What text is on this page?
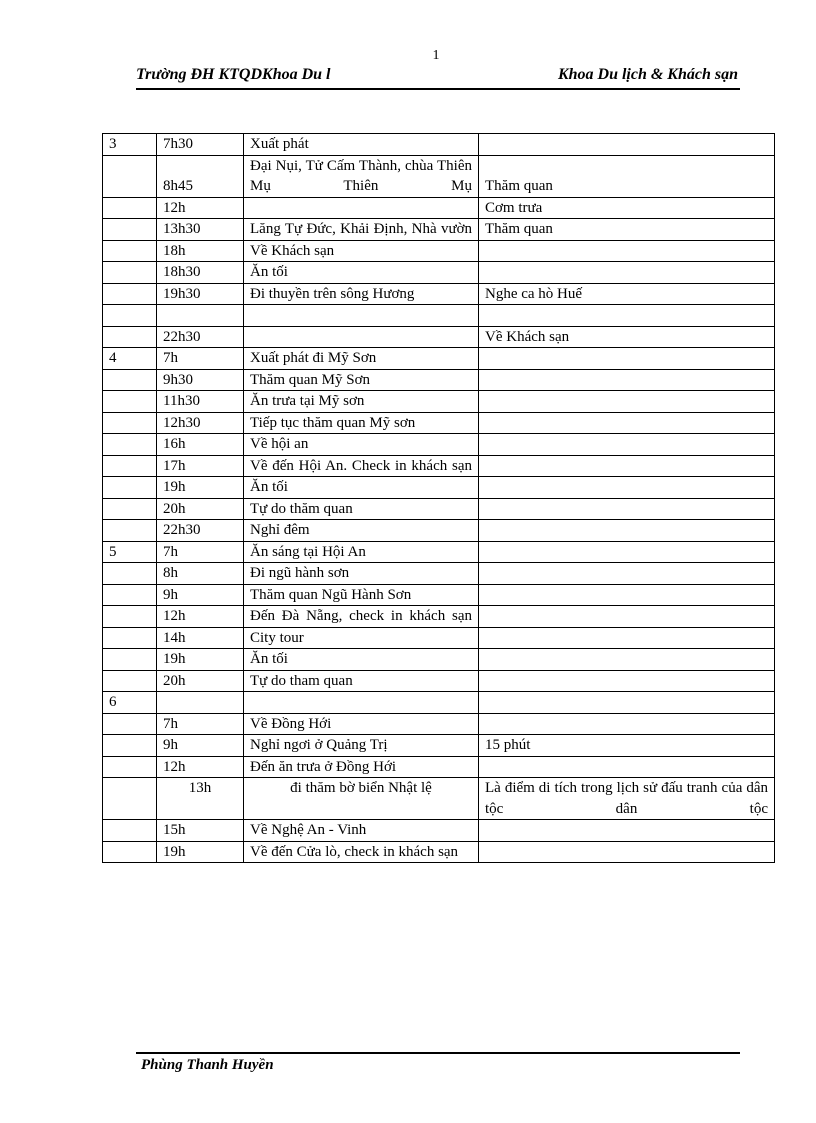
1
Trường ĐH KTQDKhoa Du l	Khoa Du lịch & Khách sạn
3	7h30	Xuất phát	
	8h45	Đại Nụi, Tử Cấm Thành, chùa Thiên Mụ Thiên Mụ	Thăm quan
	12h		Cơm trưa
	13h30	Lăng Tự Đức, Khải Định, Nhà vườn	Thăm quan
	18h	Về Khách sạn	
	18h30	Ăn tối	
	19h30	Đi thuyền trên sông Hương	Nghe ca hò Huế

	22h30		Về Khách sạn
4	7h	Xuất phát đi Mỹ Sơn	
	9h30	Thăm quan Mỹ Sơn	
	11h30	Ăn trưa tại Mỹ sơn	
	12h30	Tiếp tục thăm quan Mỹ sơn	
	16h	Về hội an	
	17h	Về đến Hội An. Check in khách sạn	
	19h	Ăn tối	
	20h	Tự do thăm quan	
	22h30	Nghỉ đêm	
5	7h	Ăn sáng tại Hội An	
	8h	Đi ngũ hành sơn	
	9h	Thăm quan Ngũ Hành Sơn	
	12h	Đến Đà Nẵng, check in khách sạn	
	14h	City tour	
	19h	Ăn tối	
	20h	Tự do tham quan	
6			
	7h	Về Đồng Hới	
	9h	Nghỉ ngơi ở Quảng Trị	15 phút
	12h	Đến ăn trưa ở Đồng Hới	
	13h	đi thăm bờ biển Nhật lệ	Là điểm di tích trong lịch sử đấu tranh của dân tộc dân tộc
	15h	Về Nghệ An - Vinh	
	19h	Về đến Cửa lò, check in khách sạn	
Phùng Thanh Huyền
